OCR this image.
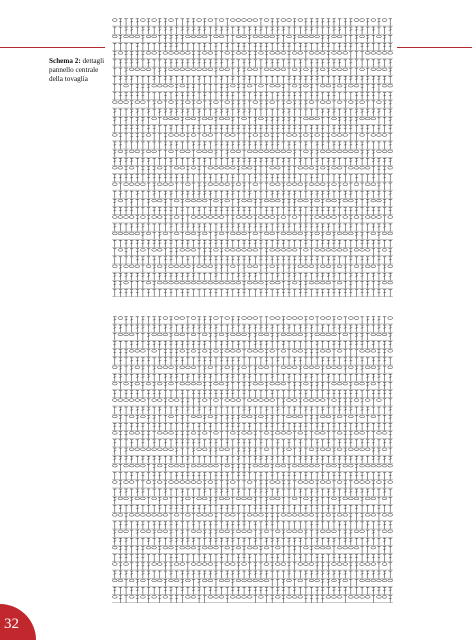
Schema 2: dettagli pannello centrale della tovaglia
32
